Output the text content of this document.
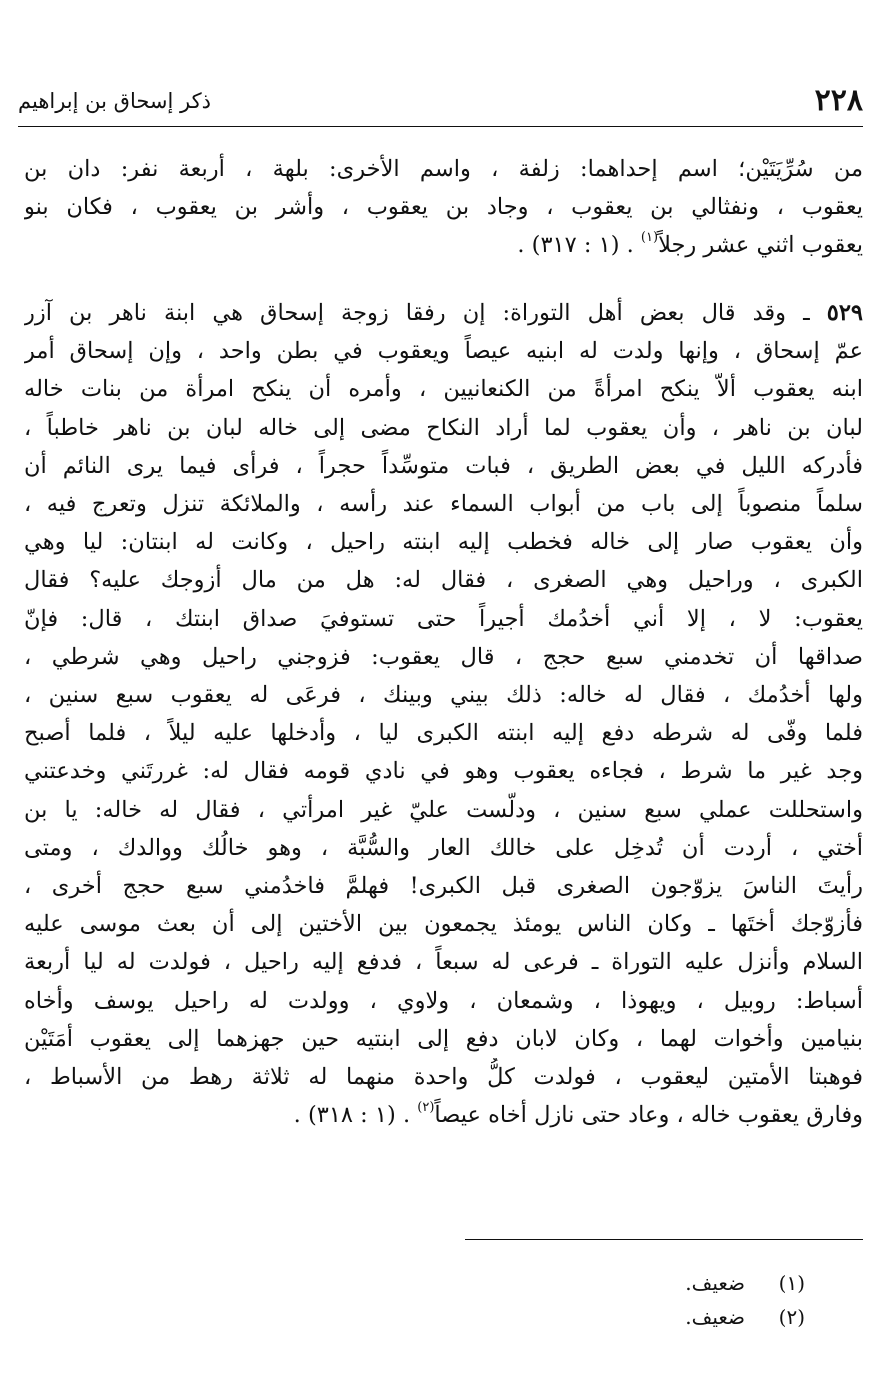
٢٢٨
ذكر إسحاق بن إبراهيم
من سُرِّيَتَيْن؛ اسم إحداهما: زلفة ، واسم الأخرى: بلهة ، أربعة نفر: دان بن
يعقوب ، ونفثالي بن يعقوب ، وجاد بن يعقوب ، وأشر بن يعقوب ، فكان بنو
يعقوب اثني عشر رجلاً$^{(١)}$ . (١ : ٣١٧) .
٥٢٩ ـ وقد قال بعض أهل التوراة: إن رفقا زوجة إسحاق هي ابنة ناهر بن آزر
عمّ إسحاق ، وإنها ولدت له ابنيه عيصاً ويعقوب في بطن واحد ، وإن إسحاق أمر
ابنه يعقوب ألاّ ينكح امرأةً من الكنعانيين ، وأمره أن ينكح امرأة من بنات خاله
لبان بن ناهر ، وأن يعقوب لما أراد النكاح مضى إلى خاله لبان بن ناهر خاطباً ،
فأدركه الليل في بعض الطريق ، فبات متوسِّداً حجراً ، فرأى فيما يرى النائم أن
سلماً منصوباً إلى باب من أبواب السماء عند رأسه ، والملائكة تنزل وتعرج فيه ،
وأن يعقوب صار إلى خاله فخطب إليه ابنته راحيل ، وكانت له ابنتان: ليا وهي
الكبرى ، وراحيل وهي الصغرى ، فقال له: هل من مال أزوجك عليه؟ فقال
يعقوب: لا ، إلا أني أخدُمك أجيراً حتى تستوفيَ صداق ابنتك ، قال: فإنّ
صداقها أن تخدمني سبع حجج ، قال يعقوب: فزوجني راحيل وهي شرطي ،
ولها أخدُمك ، فقال له خاله: ذلك بيني وبينك ، فرعَى له يعقوب سبع سنين ،
فلما وفّى له شرطه دفع إليه ابنته الكبرى ليا ، وأدخلها عليه ليلاً ، فلما أصبح
وجد غير ما شرط ، فجاءه يعقوب وهو في نادي قومه فقال له: غررتَني وخدعتني
واستحللت عملي سبع سنين ، ودلّست عليّ غير امرأتي ، فقال له خاله: يا بن
أختي ، أردت أن تُدخِل على خالك العار والسُّبَّة ، وهو خالُك ووالدك ، ومتى
رأيتَ الناسَ يزوّجون الصغرى قبل الكبرى! فهلمَّ فاخدُمني سبع حجج أخرى ،
فأزوّجك أختَها ـ وكان الناس يومئذ يجمعون بين الأختين إلى أن بعث موسى عليه
السلام وأنزل عليه التوراة ـ فرعى له سبعاً ، فدفع إليه راحيل ، فولدت له ليا أربعة
أسباط: روبيل ، ويهوذا ، وشمعان ، ولاوي ، وولدت له راحيل يوسف وأخاه
بنيامين وأخوات لهما ، وكان لابان دفع إلى ابنتيه حين جهزهما إلى يعقوب أمَتَيْن
فوهبتا الأمتين ليعقوب ، فولدت كلُّ واحدة منهما له ثلاثة رهط من الأسباط ،
وفارق يعقوب خاله ، وعاد حتى نازل أخاه عيصاً$^{(٢)}$ . (١ : ٣١٨) .
(١)ضعيف.
(٢)ضعيف.
